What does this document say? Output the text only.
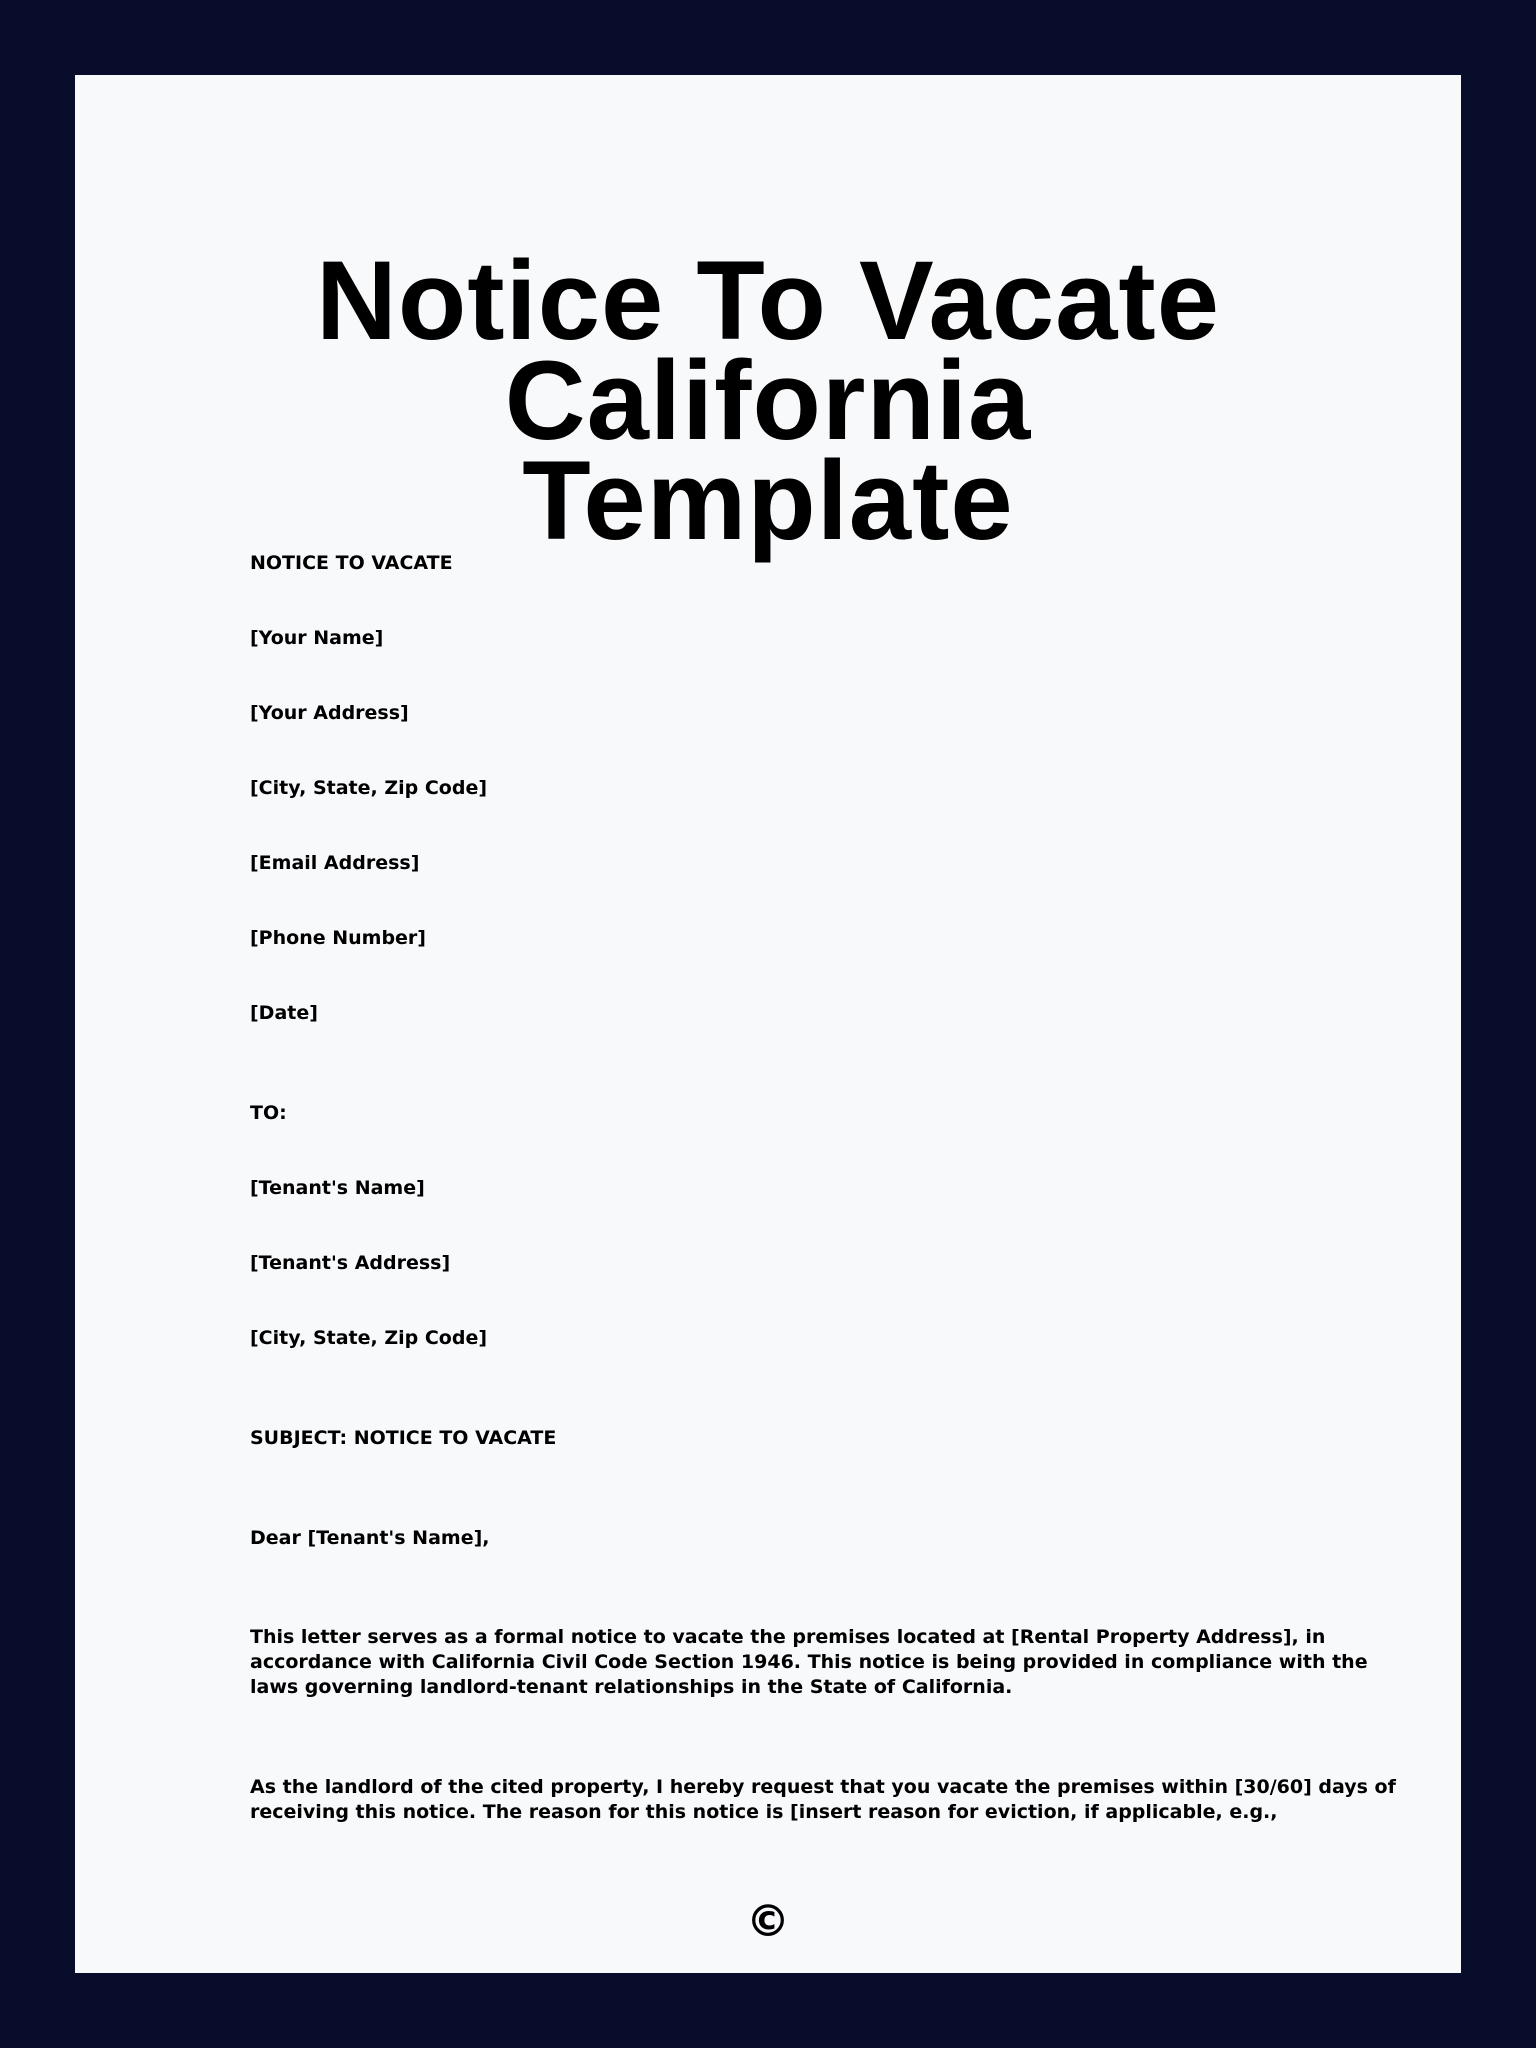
Notice To Vacate California
Template

NOTICE TO VACATE

[Your Name]

[Your Address]

[City, State, Zip Code]

[Email Address]

[Phone Number]

[Date]

TO:

[Tenant's Name]

[Tenant's Address]

[City, State, Zip Code]

SUBJECT: NOTICE TO VACATE

Dear [Tenant's Name],

This letter serves as a formal notice to vacate the premises located at [Rental Property Address], in
accordance with California Civil Code Section 1946. This notice is being provided in compliance with the
laws governing landlord-tenant relationships in the State of California.
As the landlord of the cited property, I hereby request that you vacate the premises within [30/60] days of
receiving this notice. The reason for this notice is [insert reason for eviction, if applicable, e.g.,
©
